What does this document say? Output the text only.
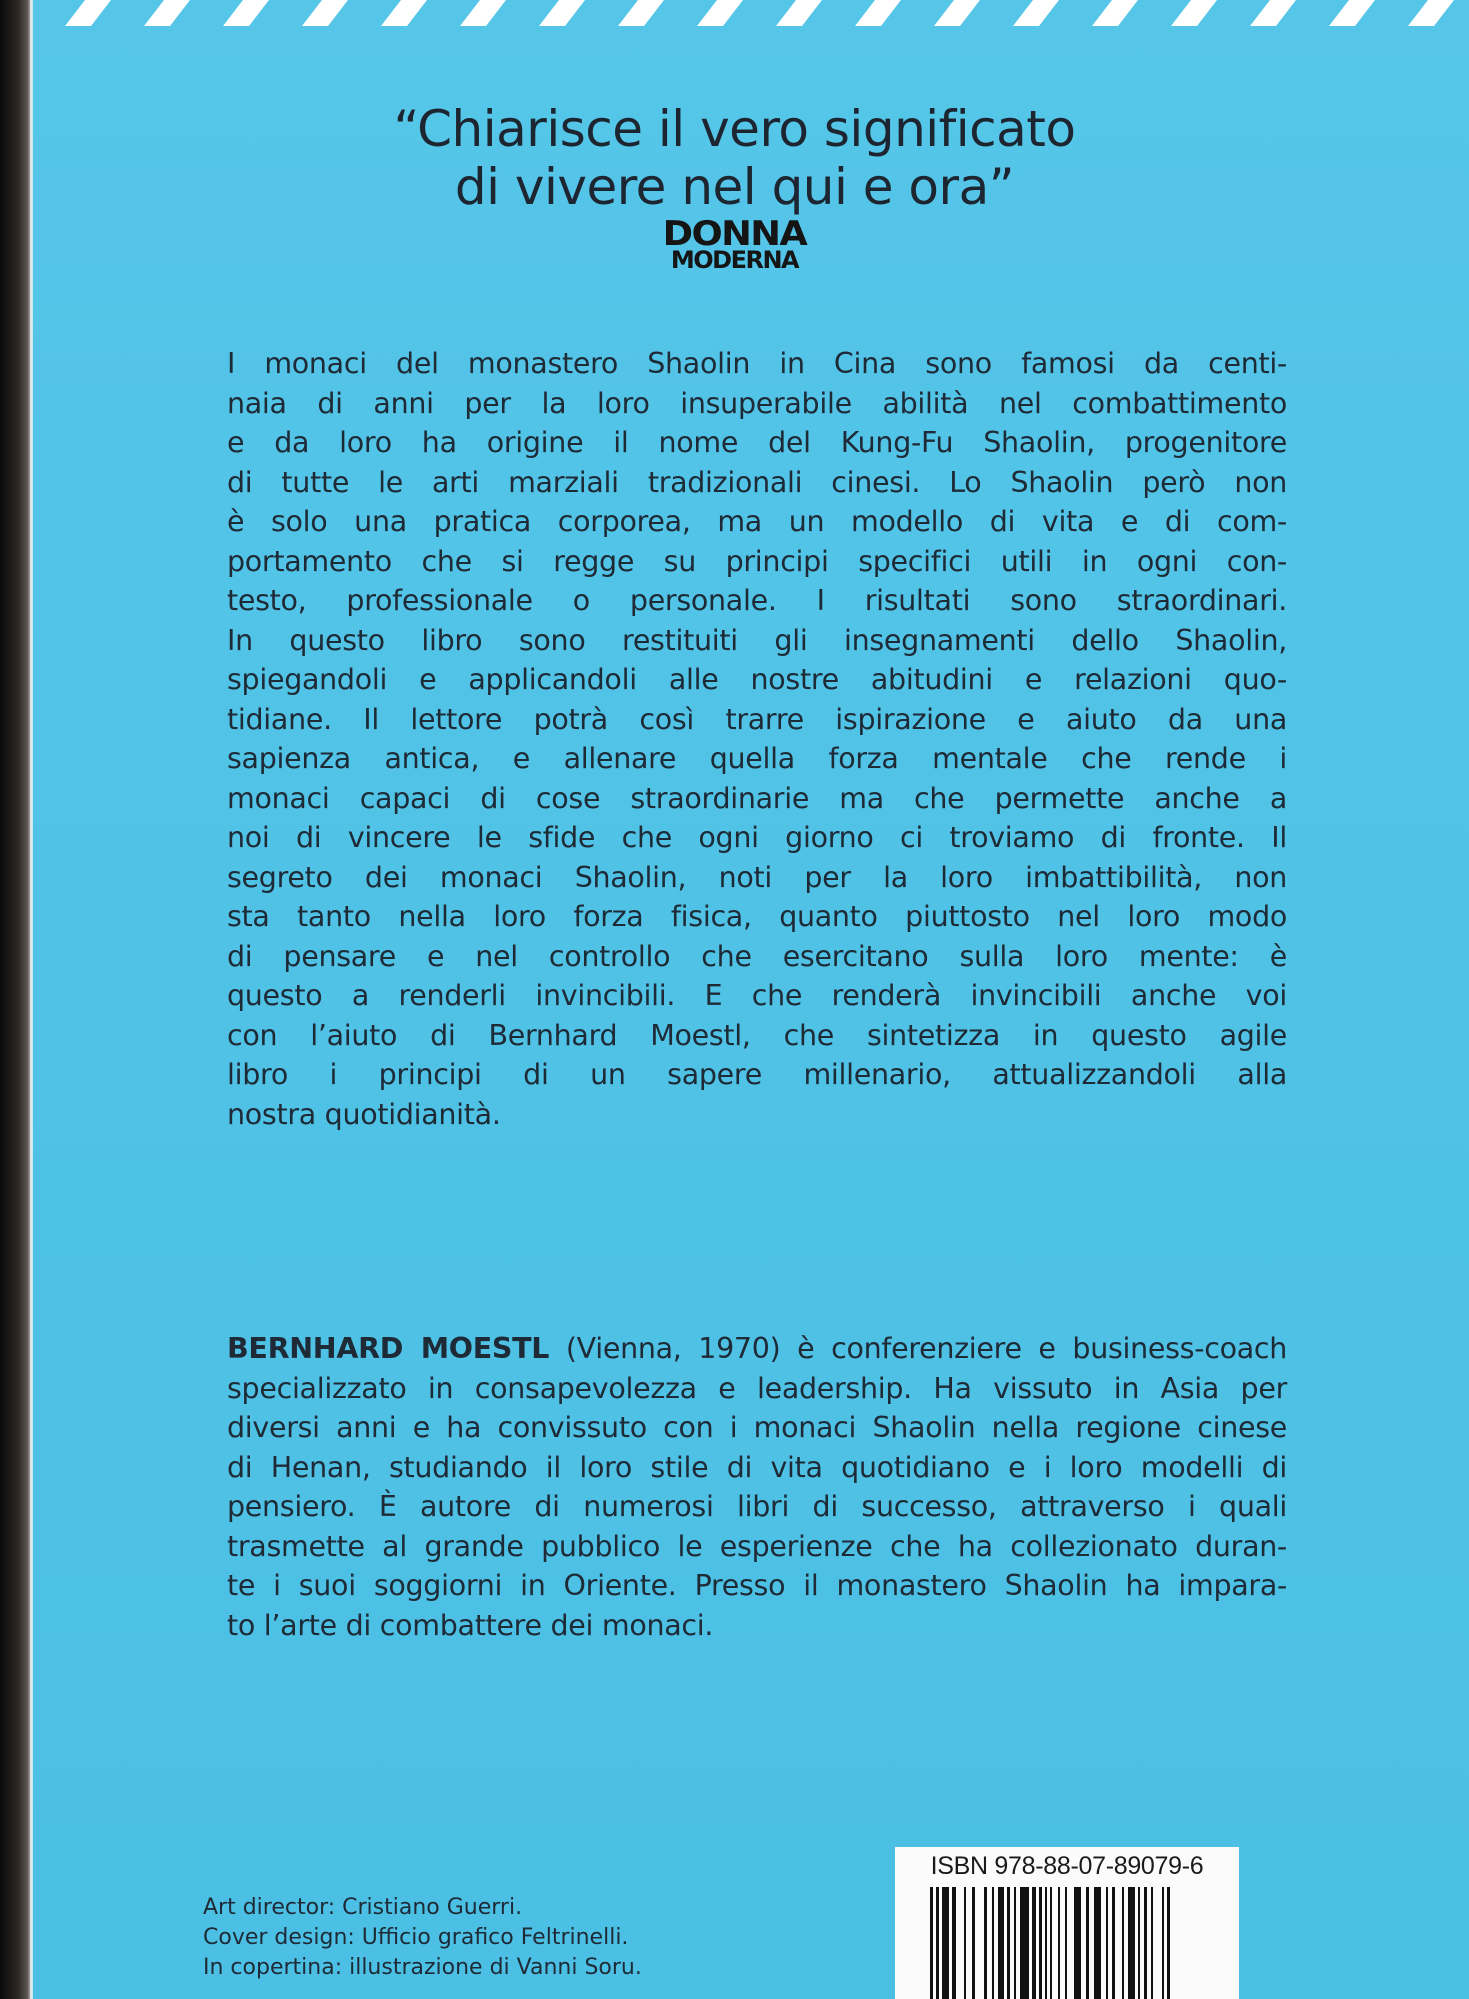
“Chiarisce il vero significato
di vivere nel qui e ora”
DONNA
MODERNA
I monaci del monastero Shaolin in Cina sono famosi da centi-
naia di anni per la loro insuperabile abilità nel combattimento
e da loro ha origine il nome del Kung-Fu Shaolin, progenitore
di tutte le arti marziali tradizionali cinesi. Lo Shaolin però non
è solo una pratica corporea, ma un modello di vita e di com-
portamento che si regge su principi specifici utili in ogni con-
testo, professionale o personale. I risultati sono straordinari.
In questo libro sono restituiti gli insegnamenti dello Shaolin,
spiegandoli e applicandoli alle nostre abitudini e relazioni quo-
tidiane. Il lettore potrà così trarre ispirazione e aiuto da una
sapienza antica, e allenare quella forza mentale che rende i
monaci capaci di cose straordinarie ma che permette anche a
noi di vincere le sfide che ogni giorno ci troviamo di fronte. Il
segreto dei monaci Shaolin, noti per la loro imbattibilità, non
sta tanto nella loro forza fisica, quanto piuttosto nel loro modo
di pensare e nel controllo che esercitano sulla loro mente: è
questo a renderli invincibili. E che renderà invincibili anche voi
con l’aiuto di Bernhard Moestl, che sintetizza in questo agile
libro i principi di un sapere millenario, attualizzandoli alla
nostra quotidianità.
BERNHARD MOESTL (Vienna, 1970) è conferenziere e business-coach
specializzato in consapevolezza e leadership. Ha vissuto in Asia per
diversi anni e ha convissuto con i monaci Shaolin nella regione cinese
di Henan, studiando il loro stile di vita quotidiano e i loro modelli di
pensiero. È autore di numerosi libri di successo, attraverso i quali
trasmette al grande pubblico le esperienze che ha collezionato duran-
te i suoi soggiorni in Oriente. Presso il monastero Shaolin ha impara-
to l’arte di combattere dei monaci.
Art director: Cristiano Guerri.
Cover design: Ufficio grafico Feltrinelli.
In copertina: illustrazione di Vanni Soru.
ISBN 978-88-07-89079-6
